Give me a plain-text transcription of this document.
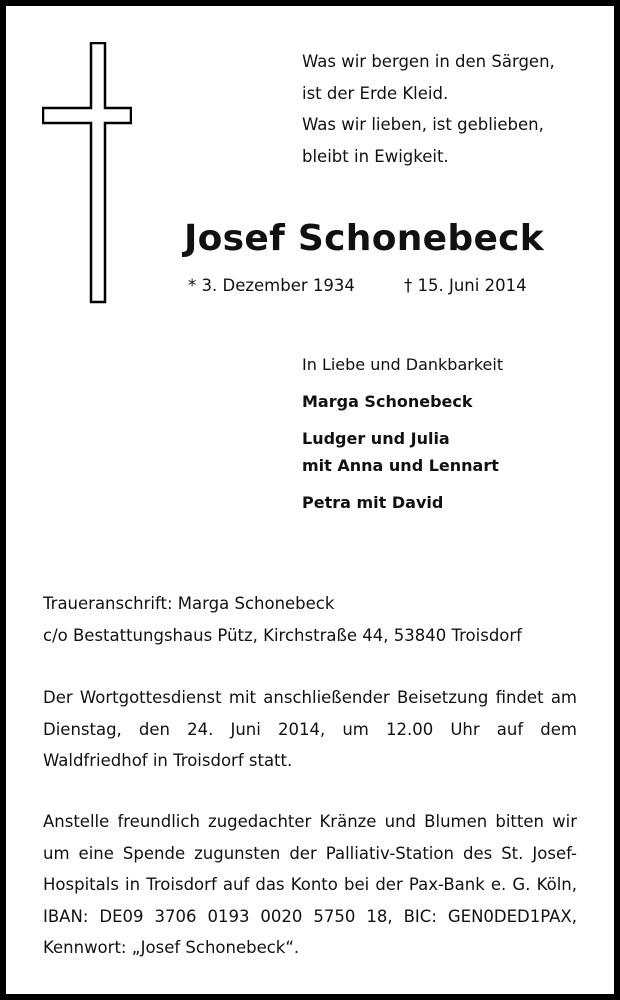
Was wir bergen in den Särgen,
ist der Erde Kleid.
Was wir lieben, ist geblieben,
bleibt in Ewigkeit.
Josef Schonebeck
* 3. Dezember 1934	† 15. Juni 2014
In Liebe und Dankbarkeit
Marga Schonebeck
Ludger und Julia
mit Anna und Lennart
Petra mit David
Traueranschrift: Marga Schonebeck
c/o Bestattungshaus Pütz, Kirchstraße 44, 53840 Troisdorf

Der Wortgottesdienst mit anschließender Beisetzung findet am Dienstag, den 24. Juni 2014, um 12.00 Uhr auf dem Waldfriedhof in Troisdorf statt.

Anstelle freundlich zugedachter Kränze und Blumen bitten wir um eine Spende zugunsten der Palliativ-Station des St. Josef-Hospitals in Troisdorf auf das Konto bei der Pax-Bank e. G. Köln, IBAN: DE09 3706 0193 0020 5750 18, BIC: GEN0DED1PAX, Kennwort: „Josef Schonebeck“.
